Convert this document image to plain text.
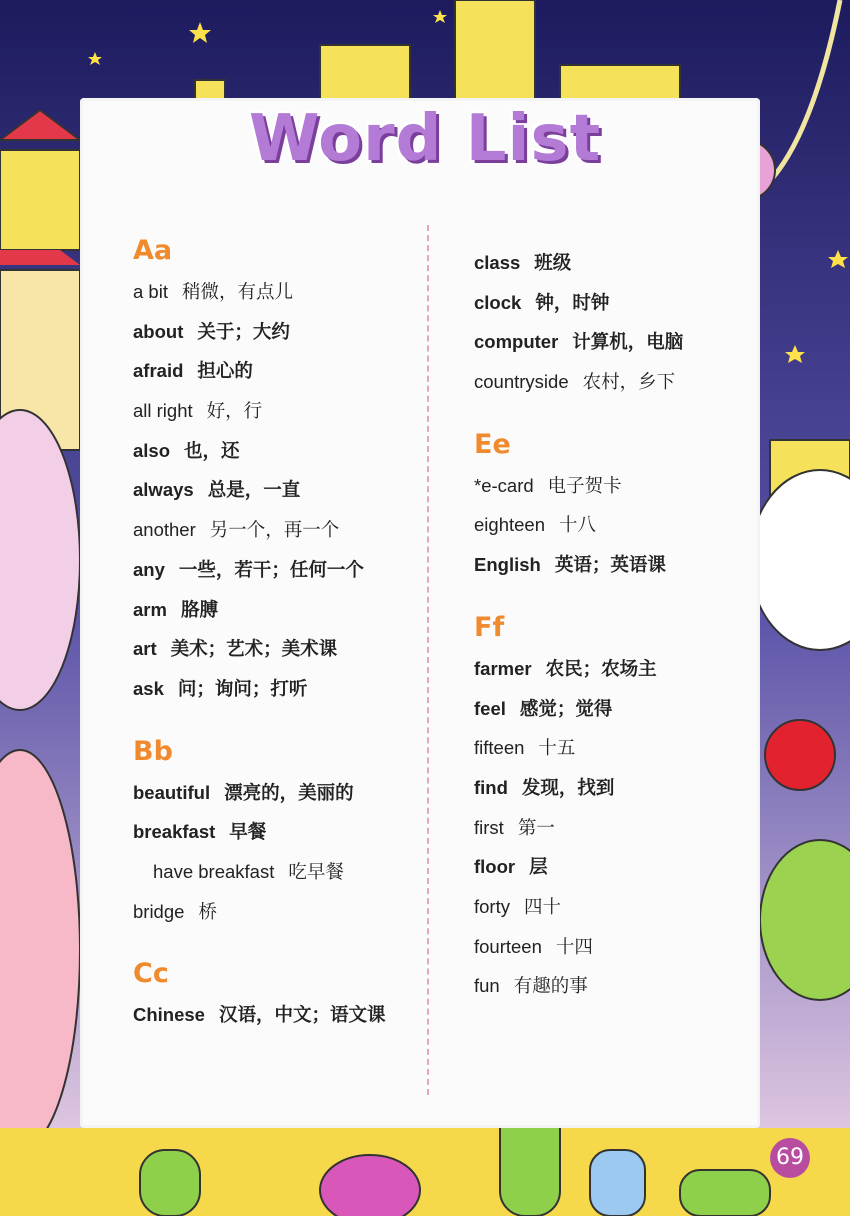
Word List
Aa
a bit 稍微，有点儿
about 关于；大约
afraid 担心的
all right 好，行
also 也，还
always 总是，一直
another 另一个，再一个
any 一些，若干；任何一个
arm 胳膊
art 美术；艺术；美术课
ask 问；询问；打听
Bb
beautiful 漂亮的，美丽的
breakfast 早餐
have breakfast 吃早餐
bridge 桥
Cc
Chinese 汉语，中文；语文课
class 班级
clock 钟，时钟
computer 计算机，电脑
countryside 农村，乡下
Ee
*e-card 电子贺卡
eighteen 十八
English 英语；英语课
Ff
farmer 农民；农场主
feel 感觉；觉得
fifteen 十五
find 发现，找到
first 第一
floor 层
forty 四十
fourteen 十四
fun 有趣的事
69
